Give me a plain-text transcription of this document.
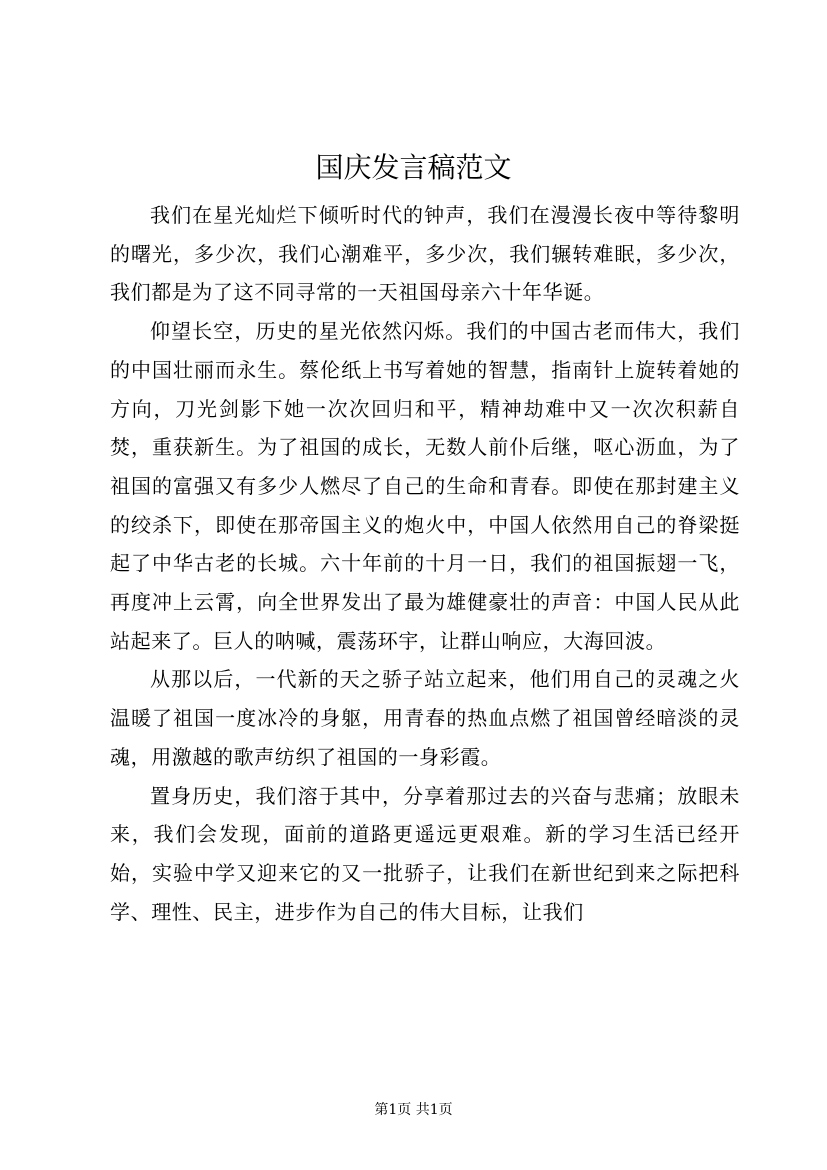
国庆发言稿范文

我们在星光灿烂下倾听时代的钟声，我们在漫漫长夜中等待黎明的曙光，多少次，我们心潮难平，多少次，我们辗转难眠，多少次，我们都是为了这不同寻常的一天祖国母亲六十年华诞。

仰望长空，历史的星光依然闪烁。我们的中国古老而伟大，我们的中国壮丽而永生。蔡伦纸上书写着她的智慧，指南针上旋转着她的方向，刀光剑影下她一次次回归和平，精神劫难中又一次次积薪自焚，重获新生。为了祖国的成长，无数人前仆后继，呕心沥血，为了祖国的富强又有多少人燃尽了自己的生命和青春。即使在那封建主义的绞杀下，即使在那帝国主义的炮火中，中国人依然用自己的脊梁挺起了中华古老的长城。六十年前的十月一日，我们的祖国振翅一飞，再度冲上云霄，向全世界发出了最为雄健豪壮的声音：中国人民从此站起来了。巨人的呐喊，震荡环宇，让群山响应，大海回波。

从那以后，一代新的天之骄子站立起来，他们用自己的灵魂之火温暖了祖国一度冰冷的身躯，用青春的热血点燃了祖国曾经暗淡的灵魂，用激越的歌声纺织了祖国的一身彩霞。

置身历史，我们溶于其中，分享着那过去的兴奋与悲痛；放眼未来，我们会发现，面前的道路更遥远更艰难。新的学习生活已经开始，实验中学又迎来它的又一批骄子，让我们在新世纪到来之际把科学、理性、民主，进步作为自己的伟大目标，让我们

第1页 共1页
